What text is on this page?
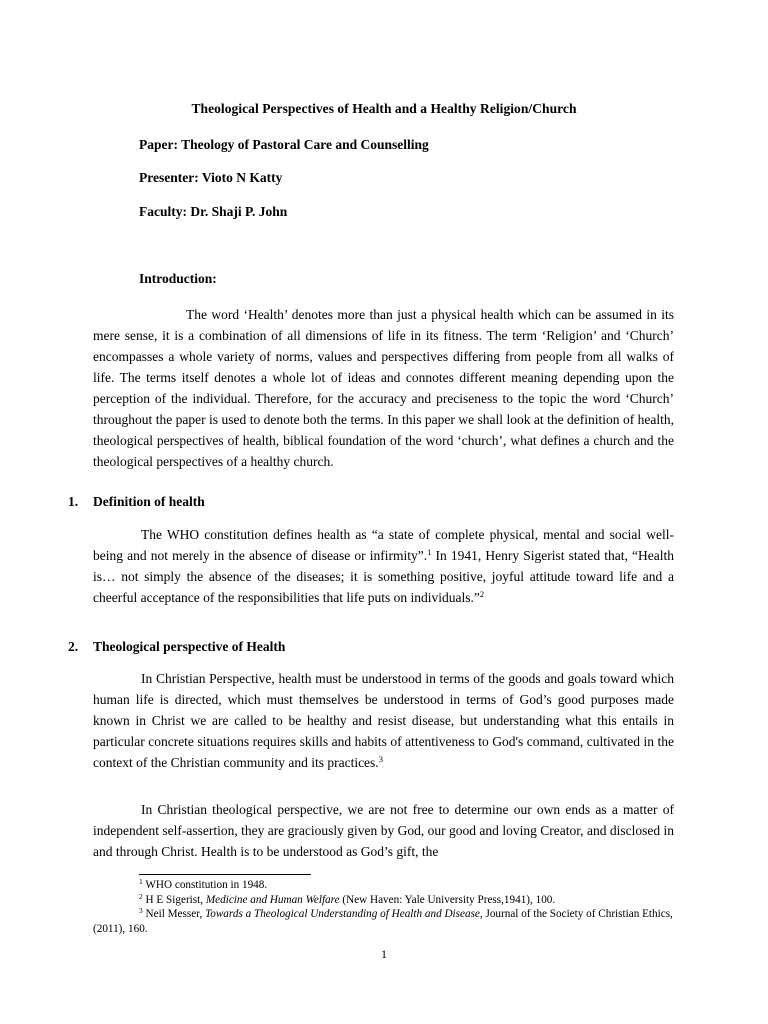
Theological Perspectives of Health and a Healthy Religion/Church
Paper: Theology of Pastoral Care and Counselling
Presenter: Vioto N Katty
Faculty: Dr. Shaji P. John
Introduction:

The word ‘Health’ denotes more than just a physical health which can be assumed in its mere sense, it is a combination of all dimensions of life in its fitness. The term ‘Religion’ and ‘Church’ encompasses a whole variety of norms, values and perspectives differing from people from all walks of life. The terms itself denotes a whole lot of ideas and connotes different meaning depending upon the perception of the individual. Therefore, for the accuracy and preciseness to the topic the word ‘Church’ throughout the paper is used to denote both the terms. In this paper we shall look at the definition of health, theological perspectives of health, biblical foundation of the word ‘church’, what defines a church and the theological perspectives of a healthy church.

1. Definition of health

The WHO constitution defines health as “a state of complete physical, mental and social well-being and not merely in the absence of disease or infirmity”.$^1$ In 1941, Henry Sigerist stated that, “Health is… not simply the absence of the diseases; it is something positive, joyful attitude toward life and a cheerful acceptance of the responsibilities that life puts on individuals.”$^2$

2. Theological perspective of Health

In Christian Perspective, health must be understood in terms of the goods and goals toward which human life is directed, which must themselves be understood in terms of God’s good purposes made known in Christ we are called to be healthy and resist disease, but understanding what this entails in particular concrete situations requires skills and habits of attentiveness to God's command, cultivated in the context of the Christian community and its practices.$^3$

In Christian theological perspective, we are not free to determine our own ends as a matter of independent self-assertion, they are graciously given by God, our good and loving Creator, and disclosed in and through Christ. Health is to be understood as God’s gift, the

$^1$ WHO constitution in 1948.

$^2$ H E Sigerist, Medicine and Human Welfare (New Haven: Yale University Press,1941), 100.

$^3$ Neil Messer, Towards a Theological Understanding of Health and Disease, Journal of the Society of Christian Ethics, (2011), 160.

1
